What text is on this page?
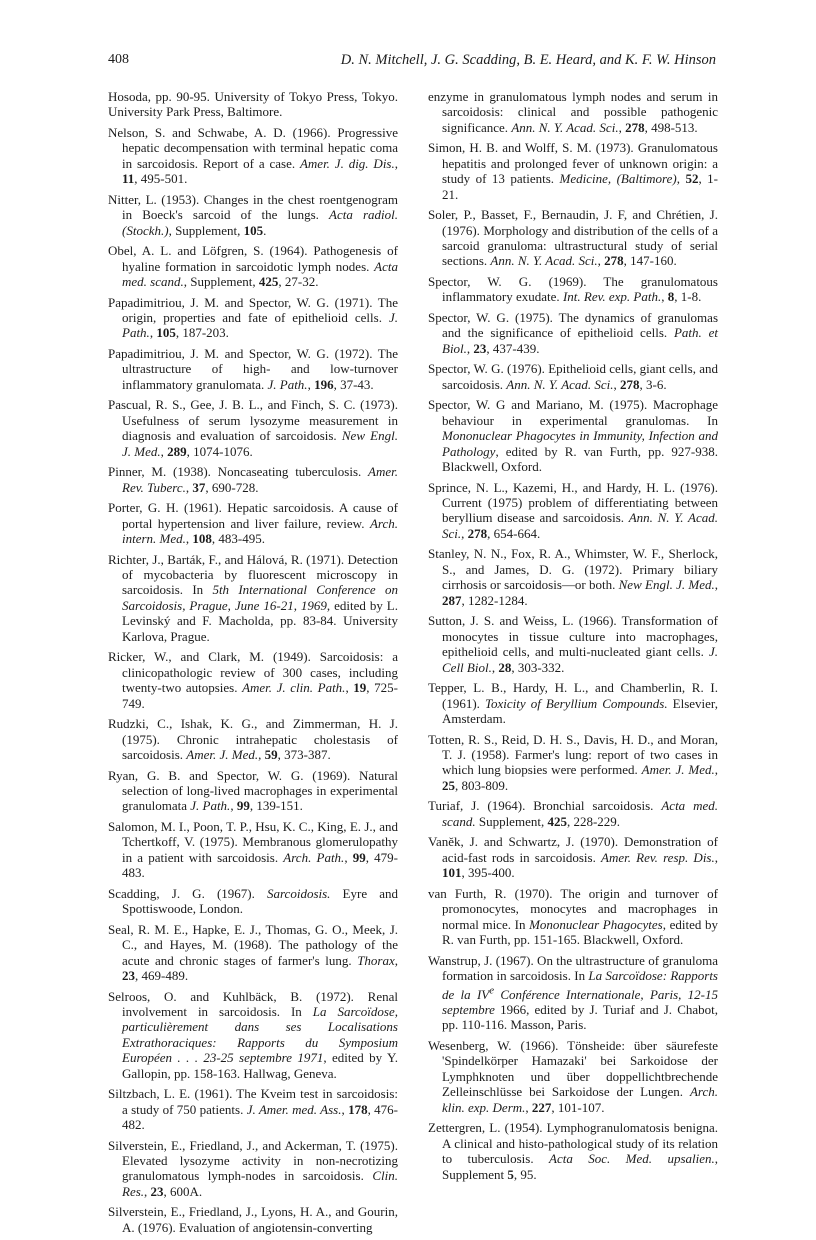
408	D. N. Mitchell, J. G. Scadding, B. E. Heard, and K. F. W. Hinson

Hosoda, pp. 90-95. University of Tokyo Press, Tokyo. University Park Press, Baltimore.

Nelson, S. and Schwabe, A. D. (1966). Progressive hepatic decompensation with terminal hepatic coma in sarcoidosis. Report of a case. Amer. J. dig. Dis., 11, 495-501.

Nitter, L. (1953). Changes in the chest roentgenogram in Boeck's sarcoid of the lungs. Acta radiol. (Stockh.), Supplement, 105.

Obel, A. L. and Löfgren, S. (1964). Pathogenesis of hyaline formation in sarcoidotic lymph nodes. Acta med. scand., Supplement, 425, 27-32.

Papadimitriou, J. M. and Spector, W. G. (1971). The origin, properties and fate of epithelioid cells. J. Path., 105, 187-203.

Papadimitriou, J. M. and Spector, W. G. (1972). The ultrastructure of high- and low-turnover inflammatory granulomata. J. Path., 196, 37-43.

Pascual, R. S., Gee, J. B. L., and Finch, S. C. (1973). Usefulness of serum lysozyme measurement in diagnosis and evaluation of sarcoidosis. New Engl. J. Med., 289, 1074-1076.

Pinner, M. (1938). Noncaseating tuberculosis. Amer. Rev. Tuberc., 37, 690-728.

Porter, G. H. (1961). Hepatic sarcoidosis. A cause of portal hypertension and liver failure, review. Arch. intern. Med., 108, 483-495.

Richter, J., Barták, F., and Hálová, R. (1971). Detection of mycobacteria by fluorescent microscopy in sarcoidosis. In 5th International Conference on Sarcoidosis, Prague, June 16-21, 1969, edited by L. Levinský and F. Macholda, pp. 83-84. University Karlova, Prague.

Ricker, W., and Clark, M. (1949). Sarcoidosis: a clinicopathologic review of 300 cases, including twenty-two autopsies. Amer. J. clin. Path., 19, 725-749.

Rudzki, C., Ishak, K. G., and Zimmerman, H. J. (1975). Chronic intrahepatic cholestasis of sarcoidosis. Amer. J. Med., 59, 373-387.

Ryan, G. B. and Spector, W. G. (1969). Natural selection of long-lived macrophages in experimental granulomata J. Path., 99, 139-151.

Salomon, M. I., Poon, T. P., Hsu, K. C., King, E. J., and Tchertkoff, V. (1975). Membranous glomerulopathy in a patient with sarcoidosis. Arch. Path., 99, 479-483.

Scadding, J. G. (1967). Sarcoidosis. Eyre and Spottiswoode, London.

Seal, R. M. E., Hapke, E. J., Thomas, G. O., Meek, J. C., and Hayes, M. (1968). The pathology of the acute and chronic stages of farmer's lung. Thorax, 23, 469-489.

Selroos, O. and Kuhlbäck, B. (1972). Renal involvement in sarcoidosis. In La Sarcoïdose, particulièrement dans ses Localisations Extrathoraciques: Rapports du Symposium Européen . . . 23-25 septembre 1971, edited by Y. Gallopin, pp. 158-163. Hallwag, Geneva.

Siltzbach, L. E. (1961). The Kveim test in sarcoidosis: a study of 750 patients. J. Amer. med. Ass., 178, 476-482.

Silverstein, E., Friedland, J., and Ackerman, T. (1975). Elevated lysozyme activity in non-necrotizing granulomatous lymph-nodes in sarcoidosis. Clin. Res., 23, 600A.

Silverstein, E., Friedland, J., Lyons, H. A., and Gourin, A. (1976). Evaluation of angiotensin-converting

enzyme in granulomatous lymph nodes and serum in sarcoidosis: clinical and possible pathogenic significance. Ann. N. Y. Acad. Sci., 278, 498-513.

Simon, H. B. and Wolff, S. M. (1973). Granulomatous hepatitis and prolonged fever of unknown origin: a study of 13 patients. Medicine, (Baltimore), 52, 1-21.

Soler, P., Basset, F., Bernaudin, J. F, and Chrétien, J. (1976). Morphology and distribution of the cells of a sarcoid granuloma: ultrastructural study of serial sections. Ann. N. Y. Acad. Sci., 278, 147-160.

Spector, W. G. (1969). The granulomatous inflammatory exudate. Int. Rev. exp. Path., 8, 1-8.

Spector, W. G. (1975). The dynamics of granulomas and the significance of epithelioid cells. Path. et Biol., 23, 437-439.

Spector, W. G. (1976). Epithelioid cells, giant cells, and sarcoidosis. Ann. N. Y. Acad. Sci., 278, 3-6.

Spector, W. G and Mariano, M. (1975). Macrophage behaviour in experimental granulomas. In Mononuclear Phagocytes in Immunity, Infection and Pathology, edited by R. van Furth, pp. 927-938. Blackwell, Oxford.

Sprince, N. L., Kazemi, H., and Hardy, H. L. (1976). Current (1975) problem of differentiating between beryllium disease and sarcoidosis. Ann. N. Y. Acad. Sci., 278, 654-664.

Stanley, N. N., Fox, R. A., Whimster, W. F., Sherlock, S., and James, D. G. (1972). Primary biliary cirrhosis or sarcoidosis—or both. New Engl. J. Med., 287, 1282-1284.

Sutton, J. S. and Weiss, L. (1966). Transformation of monocytes in tissue culture into macrophages, epithelioid cells, and multi-nucleated giant cells. J. Cell Biol., 28, 303-332.

Tepper, L. B., Hardy, H. L., and Chamberlin, R. I. (1961). Toxicity of Beryllium Compounds. Elsevier, Amsterdam.

Totten, R. S., Reid, D. H. S., Davis, H. D., and Moran, T. J. (1958). Farmer's lung: report of two cases in which lung biopsies were performed. Amer. J. Med., 25, 803-809.

Turiaf, J. (1964). Bronchial sarcoidosis. Acta med. scand. Supplement, 425, 228-229.

Vaněk, J. and Schwartz, J. (1970). Demonstration of acid-fast rods in sarcoidosis. Amer. Rev. resp. Dis., 101, 395-400.

van Furth, R. (1970). The origin and turnover of promonocytes, monocytes and macrophages in normal mice. In Mononuclear Phagocytes, edited by R. van Furth, pp. 151-165. Blackwell, Oxford.

Wanstrup, J. (1967). On the ultrastructure of granuloma formation in sarcoidosis. In La Sarcoïdose: Rapports de la IVe Conférence Internationale, Paris, 12-15 septembre 1966, edited by J. Turiaf and J. Chabot, pp. 110-116. Masson, Paris.

Wesenberg, W. (1966). Tönsheide: über säurefeste 'Spindelkörper Hamazaki' bei Sarkoidose der Lymphknoten und über doppellichtbrechende Zelleinschlüsse bei Sarkoidose der Lungen. Arch. klin. exp. Derm., 227, 101-107.

Zettergren, L. (1954). Lymphogranulomatosis benigna. A clinical and histo-pathological study of its relation to tuberculosis. Acta Soc. Med. upsalien., Supplement 5, 95.
